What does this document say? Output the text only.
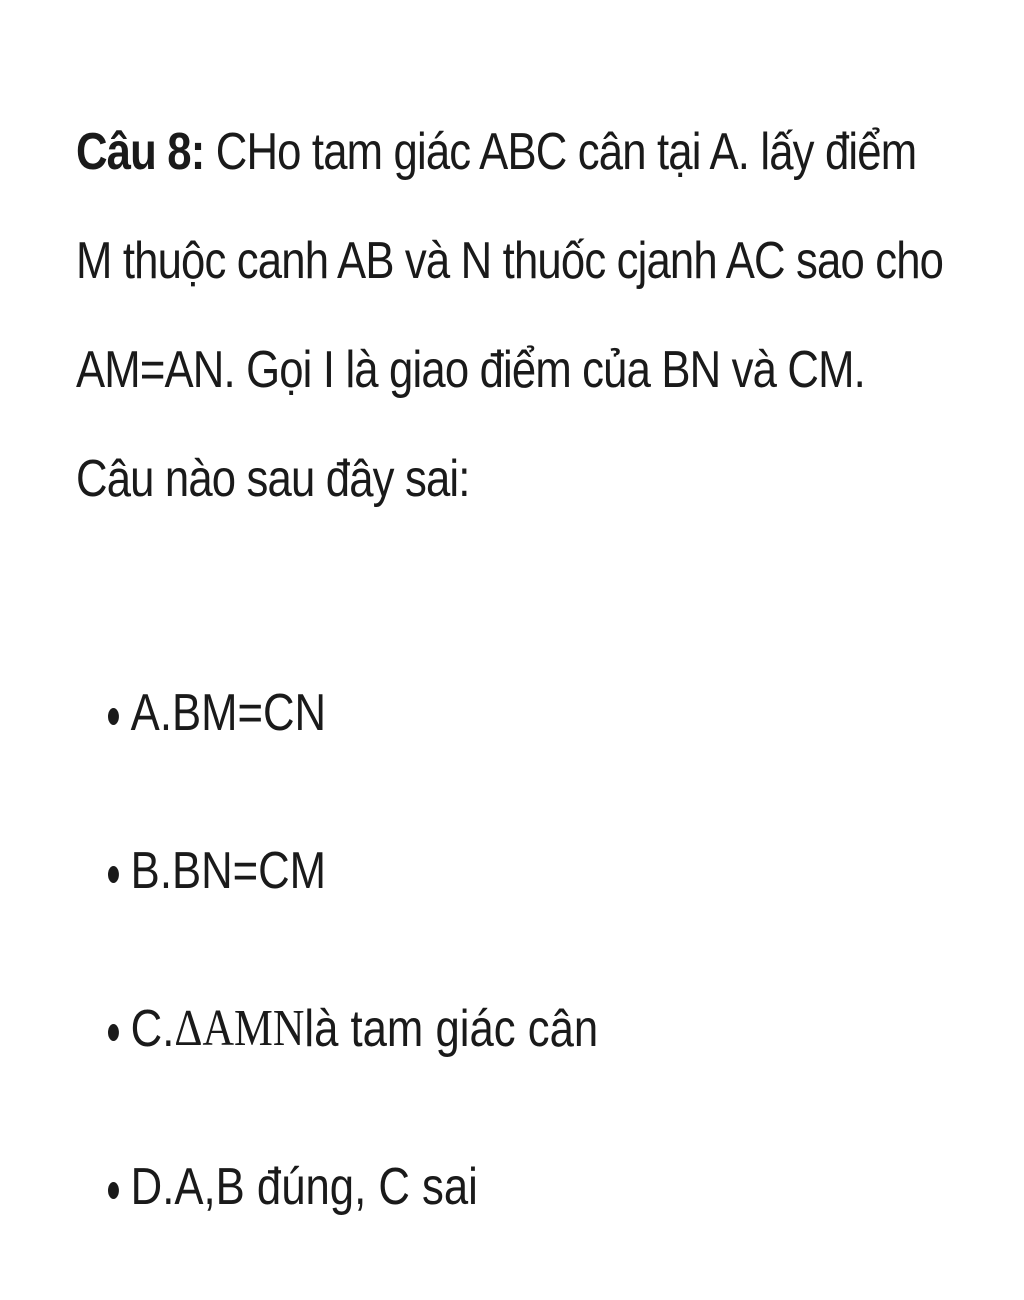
Câu 8: CHo tam giác ABC cân tại A. lấy điểm M thuộc canh AB và N thuốc cjanh AC sao cho AM=AN. Gọi I là giao điểm của BN và CM. Câu nào sau đây sai:
A.BM=CN
B.BN=CM
C. ΔAMN là tam giác cân
D.A,B đúng, C sai
